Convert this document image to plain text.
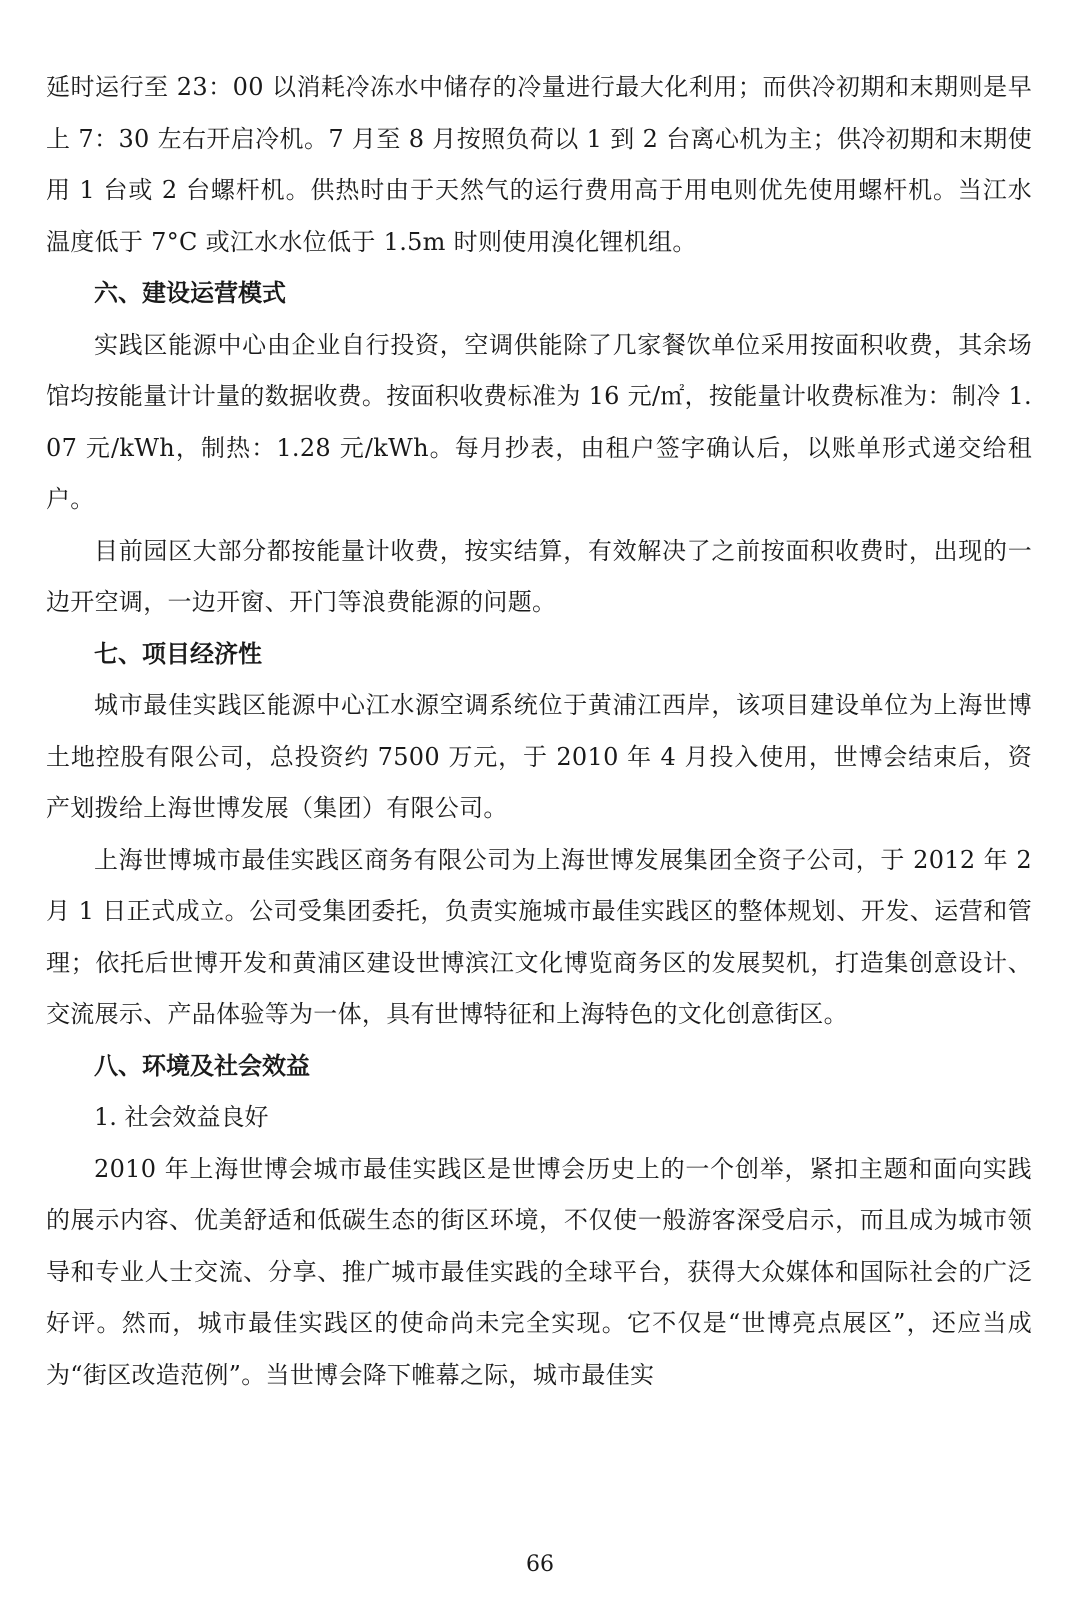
延时运行至 23：00 以消耗冷冻水中储存的冷量进行最大化利用；而供冷初期和末期则是早上 7：30 左右开启冷机。7 月至 8 月按照负荷以 1 到 2 台离心机为主；供冷初期和末期使用 1 台或 2 台螺杆机。供热时由于天然气的运行费用高于用电则优先使用螺杆机。当江水温度低于 7°C 或江水水位低于 1.5m 时则使用溴化锂机组。

六、建设运营模式

实践区能源中心由企业自行投资，空调供能除了几家餐饮单位采用按面积收费，其余场馆均按能量计计量的数据收费。按面积收费标准为 16 元/㎡，按能量计收费标准为：制冷 1.07 元/kWh，制热：1.28 元/kWh。每月抄表，由租户签字确认后，以账单形式递交给租户。

目前园区大部分都按能量计收费，按实结算，有效解决了之前按面积收费时，出现的一边开空调，一边开窗、开门等浪费能源的问题。

七、项目经济性

城市最佳实践区能源中心江水源空调系统位于黄浦江西岸，该项目建设单位为上海世博土地控股有限公司，总投资约 7500 万元，于 2010 年 4 月投入使用，世博会结束后，资产划拨给上海世博发展（集团）有限公司。

上海世博城市最佳实践区商务有限公司为上海世博发展集团全资子公司，于 2012 年 2 月 1 日正式成立。公司受集团委托，负责实施城市最佳实践区的整体规划、开发、运营和管理；依托后世博开发和黄浦区建设世博滨江文化博览商务区的发展契机，打造集创意设计、交流展示、产品体验等为一体，具有世博特征和上海特色的文化创意街区。

八、环境及社会效益

1. 社会效益良好

2010 年上海世博会城市最佳实践区是世博会历史上的一个创举，紧扣主题和面向实践的展示内容、优美舒适和低碳生态的街区环境，不仅使一般游客深受启示，而且成为城市领导和专业人士交流、分享、推广城市最佳实践的全球平台，获得大众媒体和国际社会的广泛好评。然而，城市最佳实践区的使命尚未完全实现。它不仅是“世博亮点展区”，还应当成为“街区改造范例”。当世博会降下帷幕之际，城市最佳实

66
